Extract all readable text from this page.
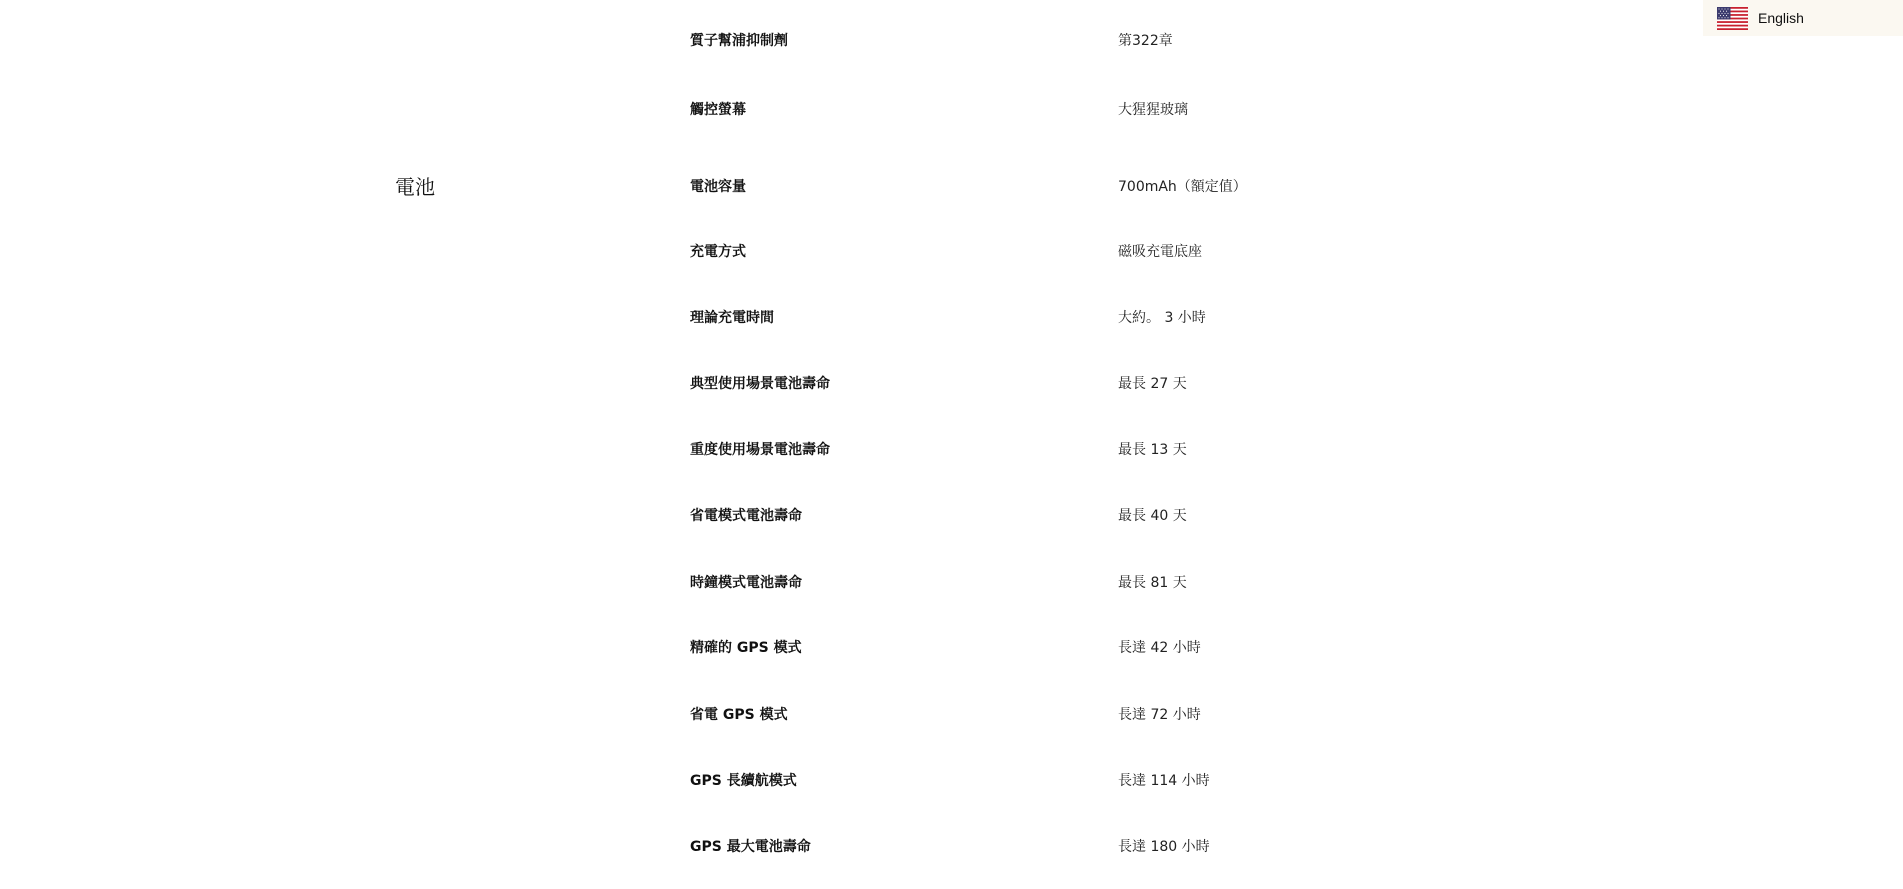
質子幫浦抑制劑	第322章
觸控螢幕	大猩猩玻璃
電池	電池容量	700mAh（額定值）
充電方式	磁吸充電底座
理論充電時間	大約。 3 小時
典型使用場景電池壽命	最長 27 天
重度使用場景電池壽命	最長 13 天
省電模式電池壽命	最長 40 天
時鐘模式電池壽命	最長 81 天
精確的 GPS 模式	長達 42 小時
省電 GPS 模式	長達 72 小時
GPS 長續航模式	長達 114 小時
GPS 最大電池壽命	長達 180 小時
English
